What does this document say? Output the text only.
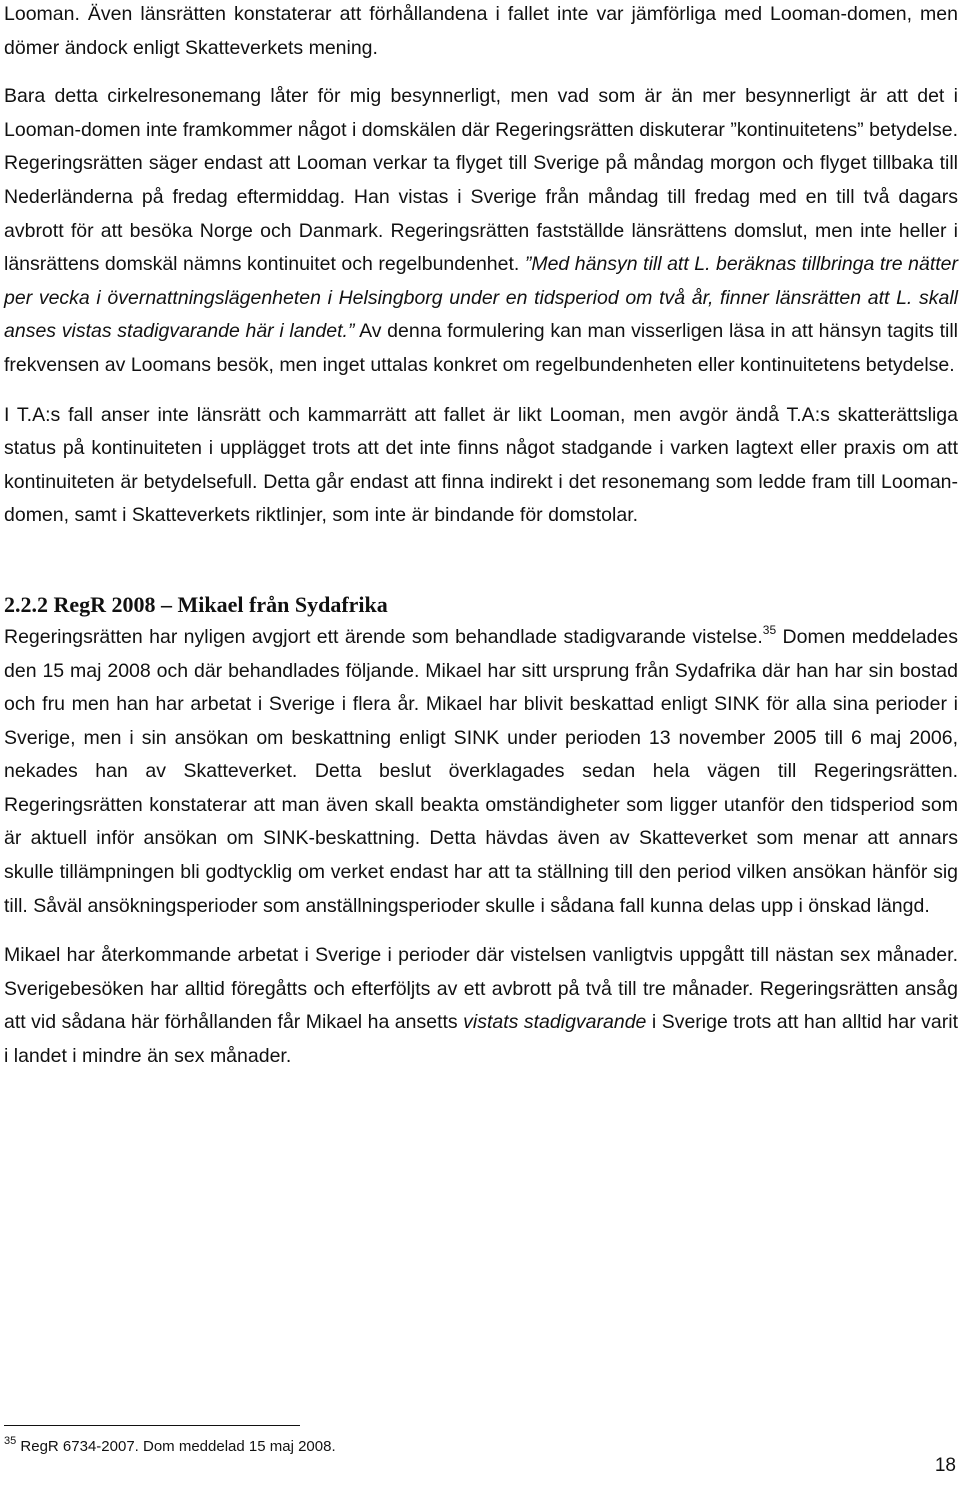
Looman. Även länsrätten konstaterar att förhållandena i fallet inte var jämförliga med Looman-domen, men dömer ändock enligt Skatteverkets mening.

Bara detta cirkelresonemang låter för mig besynnerligt, men vad som är än mer besynnerligt är att det i Looman-domen inte framkommer något i domskälen där Regeringsrätten diskuterar ”kontinuitetens” betydelse. Regeringsrätten säger endast att Looman verkar ta flyget till Sverige på måndag morgon och flyget tillbaka till Nederländerna på fredag eftermiddag. Han vistas i Sverige från måndag till fredag med en till två dagars avbrott för att besöka Norge och Danmark. Regeringsrätten fastställde länsrättens domslut, men inte heller i länsrättens domskäl nämns kontinuitet och regelbundenhet. ”Med hänsyn till att L. beräknas tillbringa tre nätter per vecka i övernattningslägenheten i Helsingborg under en tidsperiod om två år, finner länsrätten att L. skall anses vistas stadigvarande här i landet.” Av denna formulering kan man visserligen läsa in att hänsyn tagits till frekvensen av Loomans besök, men inget uttalas konkret om regelbundenheten eller kontinuitetens betydelse.

I T.A:s fall anser inte länsrätt och kammarrätt att fallet är likt Looman, men avgör ändå T.A:s skatterättsliga status på kontinuiteten i upplägget trots att det inte finns något stadgande i varken lagtext eller praxis om att kontinuiteten är betydelsefull. Detta går endast att finna indirekt i det resonemang som ledde fram till Looman-domen, samt i Skatteverkets riktlinjer, som inte är bindande för domstolar.

2.2.2 RegR 2008 – Mikael från Sydafrika

Regeringsrätten har nyligen avgjort ett ärende som behandlade stadigvarande vistelse.$^{35}$ Domen meddelades den 15 maj 2008 och där behandlades följande. Mikael har sitt ursprung från Sydafrika där han har sin bostad och fru men han har arbetat i Sverige i flera år. Mikael har blivit beskattad enligt SINK för alla sina perioder i Sverige, men i sin ansökan om beskattning enligt SINK under perioden 13 november 2005 till 6 maj 2006, nekades han av Skatteverket. Detta beslut överklagades sedan hela vägen till Regeringsrätten. Regeringsrätten konstaterar att man även skall beakta omständigheter som ligger utanför den tidsperiod som är aktuell inför ansökan om SINK-beskattning. Detta hävdas även av Skatteverket som menar att annars skulle tillämpningen bli godtycklig om verket endast har att ta ställning till den period vilken ansökan hänför sig till. Såväl ansökningsperioder som anställningsperioder skulle i sådana fall kunna delas upp i önskad längd.

Mikael har återkommande arbetat i Sverige i perioder där vistelsen vanligtvis uppgått till nästan sex månader. Sverigebesöken har alltid föregåtts och efterföljts av ett avbrott på två till tre månader. Regeringsrätten ansåg att vid sådana här förhållanden får Mikael ha ansetts vistats stadigvarande i Sverige trots att han alltid har varit i landet i mindre än sex månader.

$^{35}$ RegR 6734-2007. Dom meddelad 15 maj 2008.
18
